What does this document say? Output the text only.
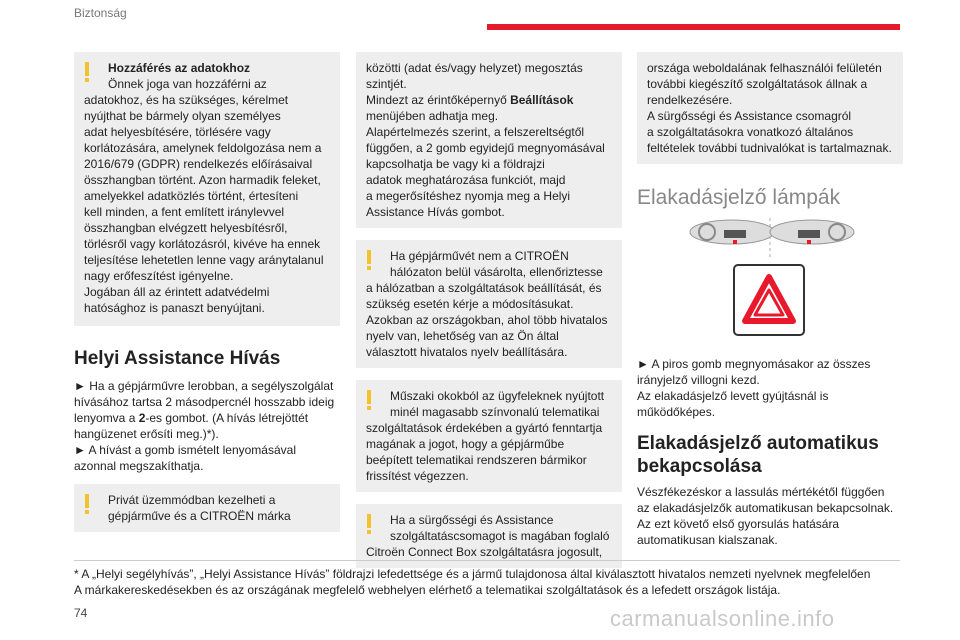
Biztonság
Hozzáférés az adatokhoz
Önnek joga van hozzáférni az
adatokhoz, és ha szükséges, kérelmet
nyújthat be bármely olyan személyes
adat helyesbítésére, törlésére vagy
korlátozására, amelynek feldolgozása nem a
2016/679 (GDPR) rendelkezés előírásaival
összhangban történt. Azon harmadik feleket,
amelyekkel adatközlés történt, értesíteni
kell minden, a fent említett iránylevvel
összhangban elvégzett helyesbítésről,
törlésről vagy korlátozásról, kivéve ha ennek
teljesítése lehetetlen lenne vagy aránytalanul
nagy erőfeszítést igényelne.
Jogában áll az érintett adatvédelmi
hatósághoz is panaszt benyújtani.
Helyi Assistance Hívás
► Ha a gépjárművre lerobban, a segélyszolgálat hívásához tartsa 2 másodpercnél hosszabb ideig lenyomva a 2-es gombot. (A hívás létrejöttét hangüzenet erősíti meg.)*).
► A hívást a gomb ismételt lenyomásával azonnal megszakíthatja.
Privát üzemmódban kezelheti a
gépjárműve és a CITROËN márka
közötti (adat és/vagy helyzet) megosztás
szintjét.
Mindezt az érintőképernyő Beállítások
menüjében adhatja meg.
Alapértelmezés szerint, a felszereltségtől
függően, a 2 gomb egyidejű megnyomásával
kapcsolhatja be vagy ki a földrajzi
adatok meghatározása funkciót, majd
a megerősítéshez nyomja meg a Helyi
Assistance Hívás gombot.
Ha gépjárművét nem a CITROËN
hálózaton belül vásárolta, ellenőriztesse
a hálózatban a szolgáltatások beállítását, és
szükség esetén kérje a módosításukat.
Azokban az országokban, ahol több hivatalos
nyelv van, lehetőség van az Ön által
választott hivatalos nyelv beállítására.
Műszaki okokból az ügyfeleknek nyújtott
minél magasabb színvonalú telematikai
szolgáltatások érdekében a gyártó fenntartja
magának a jogot, hogy a gépjárműbe
beépített telematikai rendszeren bármikor
frissítést végezzen.
Ha a sürgősségi és Assistance
szolgáltatáscsomagot is magában foglaló
Citroën Connect Box szolgáltatásra jogosult,
országa weboldalának felhasználói felületén
további kiegészítő szolgáltatások állnak a
rendelkezésére.
A sürgősségi és Assistance csomagról
a szolgáltatásokra vonatkozó általános
feltételek további tudnivalókat is tartalmaznak.
Elakadásjelző lámpák
► A piros gomb megnyomásakor az összes
irányjelző villogni kezd.
Az elakadásjelző levett gyújtásnál is
működőképes.
Elakadásjelző automatikus
bekapcsolása
Vészfékezéskor a lassulás mértékétől függően
az elakadásjelzők automatikusan bekapcsolnak.
Az ezt követő első gyorsulás hatására
automatikusan kialszanak.
* A „Helyi segélyhívás”, „Helyi Assistance Hívás” földrajzi lefedettsége és a jármű tulajdonosa által kiválasztott hivatalos nemzeti nyelvnek megfelelően
A márkakereskedésekben és az országának megfelelő webhelyen elérhető a telematikai szolgáltatások és a lefedett országok listája.
74	carmanualsonline.info
